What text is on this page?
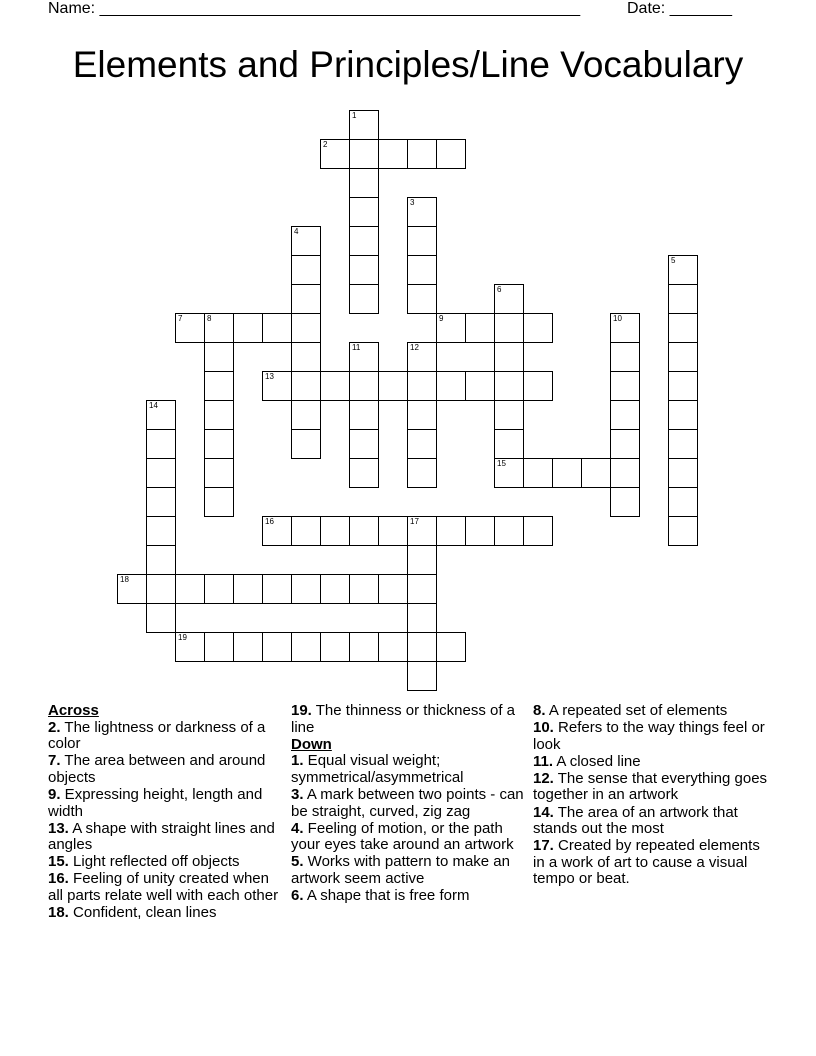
Name: ______________________________________________________	Date: _______
Elements and Principles/Line Vocabulary
1
2
3
4
5
6
7	8	9	10
11	12
13
14
15
16	17
18
19
Across
2. The lightness or darkness of a color
7. The area between and around objects
9. Expressing height, length and width
13. A shape with straight lines and angles
15. Light reflected off objects
16. Feeling of unity created when all parts relate well with each other
18. Confident, clean lines
19. The thinness or thickness of a line
Down
1. Equal visual weight; symmetrical/asymmetrical
3. A mark between two points - can be straight, curved, zig zag
4. Feeling of motion, or the path your eyes take around an artwork
5. Works with pattern to make an artwork seem active
6. A shape that is free form
8. A repeated set of elements
10. Refers to the way things feel or look
11. A closed line
12. The sense that everything goes together in an artwork
14. The area of an artwork that stands out the most
17. Created by repeated elements in a work of art to cause a visual tempo or beat.
